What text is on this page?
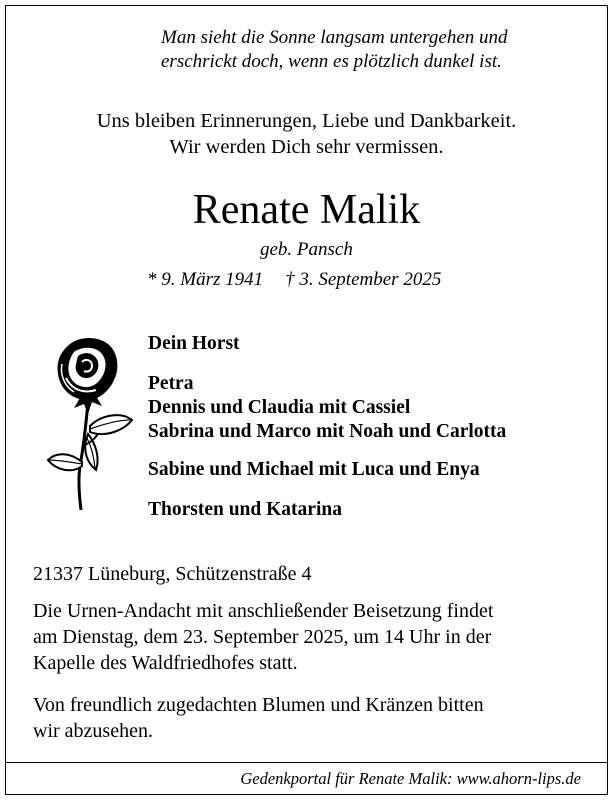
Man sieht die Sonne langsam untergehen und
erschrickt doch, wenn es plötzlich dunkel ist.
Uns bleiben Erinnerungen, Liebe und Dankbarkeit.
Wir werden Dich sehr vermissen.
Renate Malik
geb. Pansch
* 9. März 1941 † 3. September 2025
Dein Horst
Petra
Dennis und Claudia mit Cassiel
Sabrina und Marco mit Noah und Carlotta
Sabine und Michael mit Luca und Enya
Thorsten und Katarina
21337 Lüneburg, Schützenstraße 4
Die Urnen-Andacht mit anschließender Beisetzung findet
am Dienstag, dem 23. September 2025, um 14 Uhr in der
Kapelle des Waldfriedhofes statt.
Von freundlich zugedachten Blumen und Kränzen bitten
wir abzusehen.
Gedenkportal für Renate Malik: www.ahorn-lips.de
